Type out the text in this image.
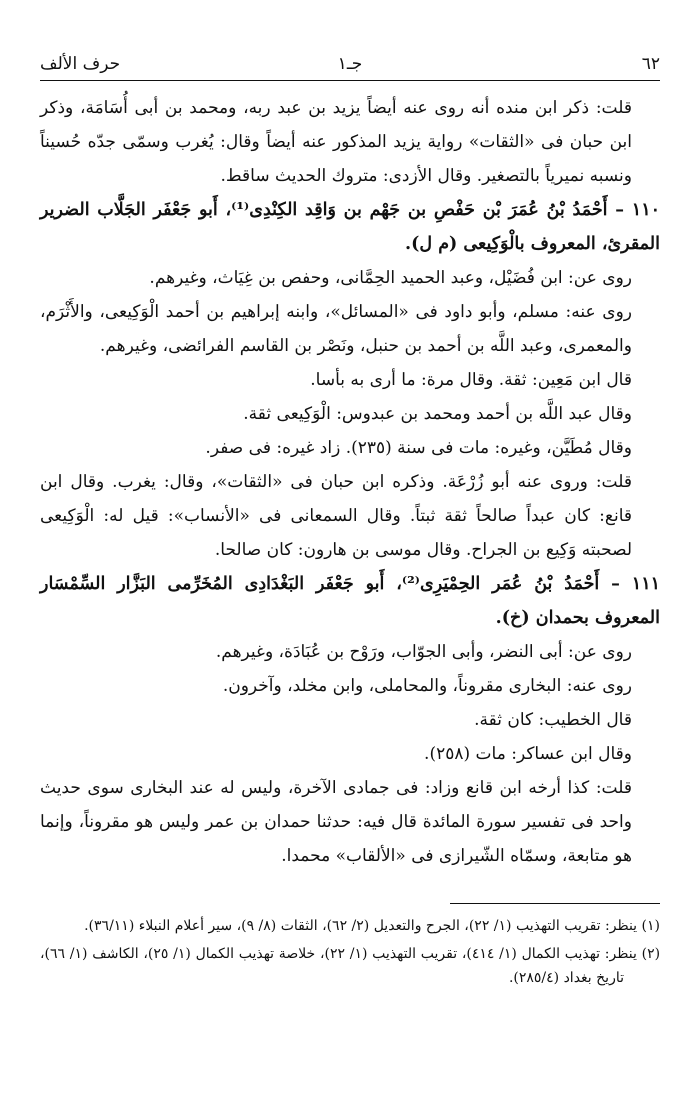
٦٢
جـ١
حرف الألف

قلت: ذكر ابن منده أنه روى عنه أيضاً يزيد بن عبد ربه، ومحمد بن أبى أُسَامَة، وذكر ابن حبان فى «الثقات» رواية يزيد المذكور عنه أيضاً وقال: يُغرب وسمّى جدّه حُسيناً ونسبه نميرياً بالتصغير. وقال الأزدى: متروك الحديث ساقط.

١١٠ – أَحْمَدُ بْنُ عُمَرَ بْن حَفْصِ بن جَهْم بن وَاقِد الكِنْدِى⁽¹⁾، أَبو جَعْفَر الجَلَّاب الضرير المقرئ، المعروف بالْوَكِيعى (م ل).

روى عن: ابن فُضَيْل، وعبد الحميد الحِمَّانى، وحفص بن غِيَاث، وغيرهم.

روى عنه: مسلم، وأبو داود فى «المسائل»، وابنه إبراهيم بن أحمد الْوَكِيعى، والأَثْرَم، والمعمرى، وعبد اللَّه بن أحمد بن حنبل، ونَصْر بن القاسم الفرائضى، وغيرهم.

قال ابن مَعِين: ثقة. وقال مرة: ما أرى به بأسا.

وقال عبد اللَّه بن أحمد ومحمد بن عبدوس: الْوَكِيعى ثقة.

وقال مُطَيَّن، وغيره: مات فى سنة (٢٣٥). زاد غيره: فى صفر.

قلت: وروى عنه أبو زُرْعَة. وذكره ابن حبان فى «الثقات»، وقال: يغرب. وقال ابن قانع: كان عبداً صالحاً ثقة ثبتاً. وقال السمعانى فى «الأنساب»: قيل له: الْوَكِيعى لصحبته وَكِيع بن الجراح. وقال موسى بن هارون: كان صالحا.

١١١ – أَحْمَدُ بْنُ عُمَر الحِمْيَرِى⁽²⁾، أَبو جَعْفَر البَغْدَادِى المُخَرِّمى البَزَّار السِّمْسَار المعروف بحمدان (خ).

روى عن: أبى النضر، وأبى الجوّاب، ورَوْح بن عُبَادَة، وغيرهم.

روى عنه: البخارى مقروناً، والمحاملى، وابن مخلد، وآخرون.

قال الخطيب: كان ثقة.

وقال ابن عساكر: مات (٢٥٨).

قلت: كذا أرخه ابن قانع وزاد: فى جمادى الآخرة، وليس له عند البخارى سوى حديث واحد فى تفسير سورة المائدة قال فيه: حدثنا حمدان بن عمر وليس هو مقروناً، وإنما هو متابعة، وسمّاه الشّيرازى فى «الألقاب» محمدا.

(١) ينظر: تقريب التهذيب (١/ ٢٢)، الجرح والتعديل (٢/ ٦٢)، الثقات (٨/ ٩)، سير أعلام النبلاء (٣٦/١١).

(٢) ينظر: تهذيب الكمال (١/ ٤١٤)، تقريب التهذيب (١/ ٢٢)، خلاصة تهذيب الكمال (١/ ٢٥)، الكاشف (١/ ٦٦)، تاريخ بغداد (٢٨٥/٤).
